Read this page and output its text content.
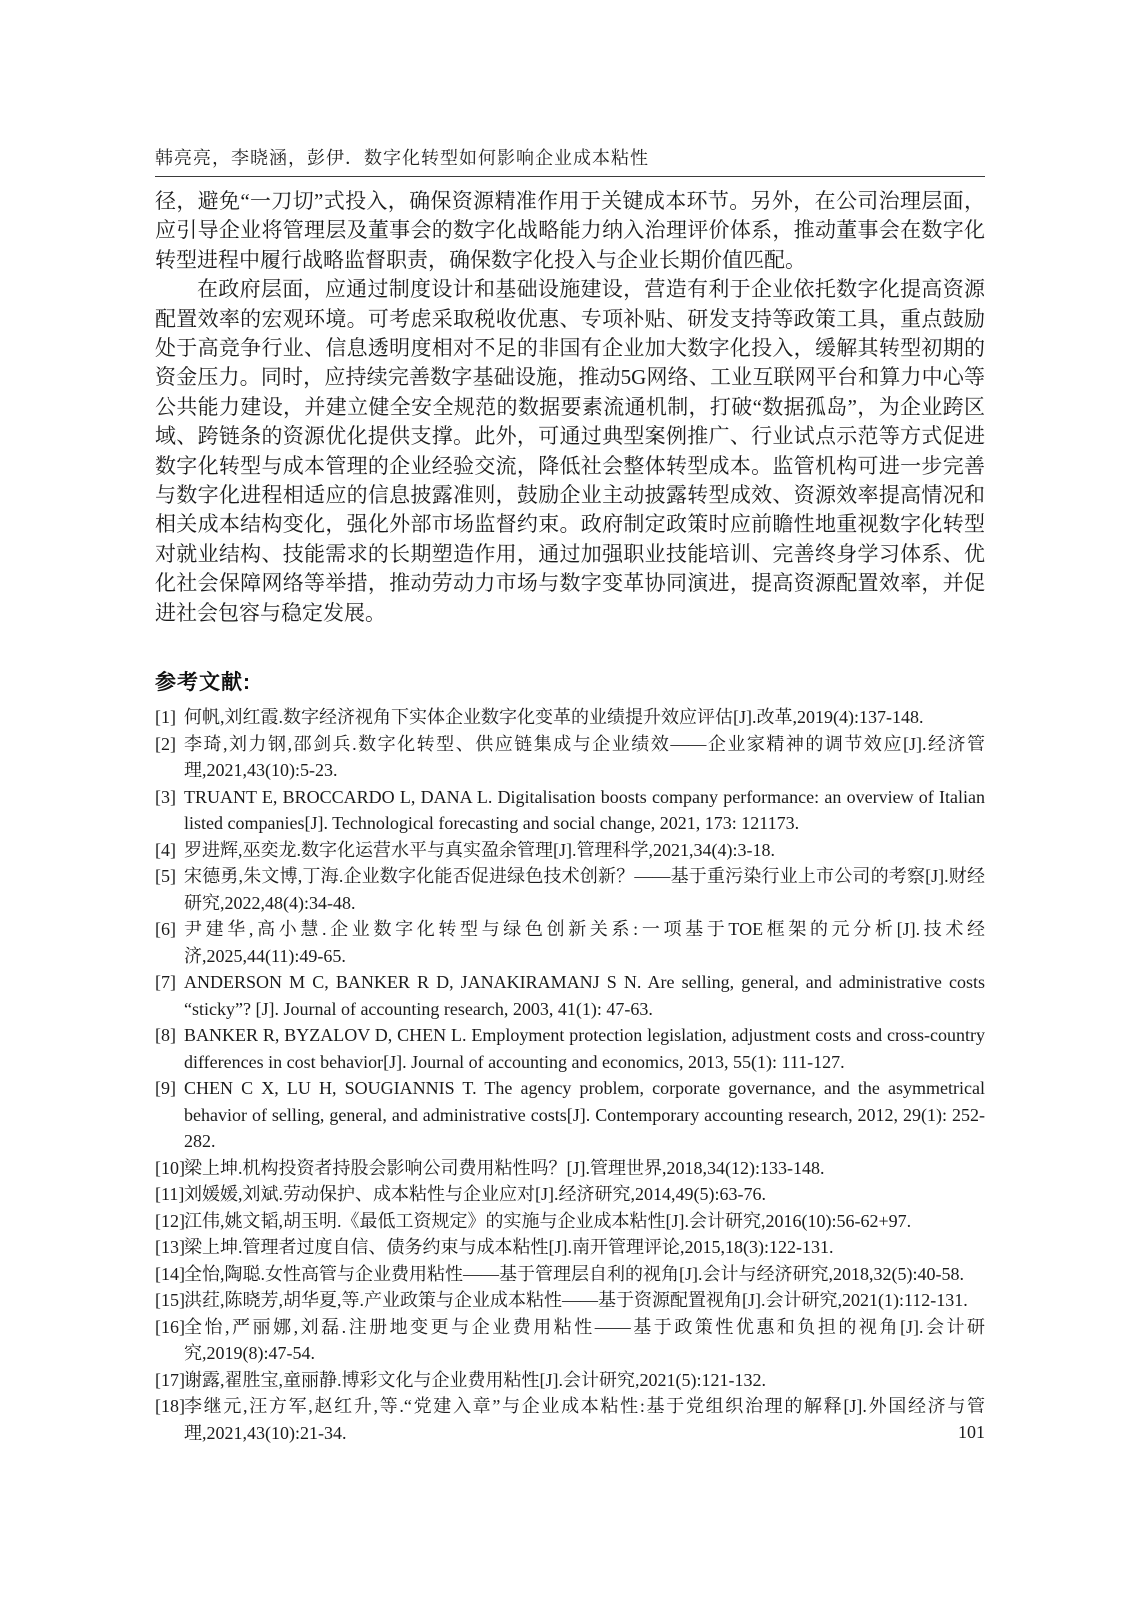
韩亮亮，李晓涵，彭伊．数字化转型如何影响企业成本粘性

径，避免“一刀切”式投入，确保资源精准作用于关键成本环节。另外，在公司治理层面，应引导企业将管理层及董事会的数字化战略能力纳入治理评价体系，推动董事会在数字化转型进程中履行战略监督职责，确保数字化投入与企业长期价值匹配。

在政府层面，应通过制度设计和基础设施建设，营造有利于企业依托数字化提高资源配置效率的宏观环境。可考虑采取税收优惠、专项补贴、研发支持等政策工具，重点鼓励处于高竞争行业、信息透明度相对不足的非国有企业加大数字化投入，缓解其转型初期的资金压力。同时，应持续完善数字基础设施，推动5G网络、工业互联网平台和算力中心等公共能力建设，并建立健全安全规范的数据要素流通机制，打破“数据孤岛”，为企业跨区域、跨链条的资源优化提供支撑。此外，可通过典型案例推广、行业试点示范等方式促进数字化转型与成本管理的企业经验交流，降低社会整体转型成本。监管机构可进一步完善与数字化进程相适应的信息披露准则，鼓励企业主动披露转型成效、资源效率提高情况和相关成本结构变化，强化外部市场监督约束。政府制定政策时应前瞻性地重视数字化转型对就业结构、技能需求的长期塑造作用，通过加强职业技能培训、完善终身学习体系、优化社会保障网络等举措，推动劳动力市场与数字变革协同演进，提高资源配置效率，并促进社会包容与稳定发展。

参考文献:
[1] 何帆,刘红霞.数字经济视角下实体企业数字化变革的业绩提升效应评估[J].改革,2019(4):137-148.
[2] 李琦,刘力钢,邵剑兵.数字化转型、供应链集成与企业绩效——企业家精神的调节效应[J].经济管理,2021,43(10):5-23.
[3] TRUANT E, BROCCARDO L, DANA L. Digitalisation boosts company performance: an overview of Italian listed companies[J]. Technological forecasting and social change, 2021, 173: 121173.
[4] 罗进辉,巫奕龙.数字化运营水平与真实盈余管理[J].管理科学,2021,34(4):3-18.
[5] 宋德勇,朱文博,丁海.企业数字化能否促进绿色技术创新？——基于重污染行业上市公司的考察[J].财经研究,2022,48(4):34-48.
[6] 尹建华,高小慧.企业数字化转型与绿色创新关系:一项基于TOE框架的元分析[J].技术经济,2025,44(11):49-65.
[7] ANDERSON M C, BANKER R D, JANAKIRAMANJ S N. Are selling, general, and administrative costs “sticky”? [J]. Journal of accounting research, 2003, 41(1): 47-63.
[8] BANKER R, BYZALOV D, CHEN L. Employment protection legislation, adjustment costs and cross-country differences in cost behavior[J]. Journal of accounting and economics, 2013, 55(1): 111-127.
[9] CHEN C X, LU H, SOUGIANNIS T. The agency problem, corporate governance, and the asymmetrical behavior of selling, general, and administrative costs[J]. Contemporary accounting research, 2012, 29(1): 252-282.
[10] 梁上坤.机构投资者持股会影响公司费用粘性吗？[J].管理世界,2018,34(12):133-148.
[11] 刘媛媛,刘斌.劳动保护、成本粘性与企业应对[J].经济研究,2014,49(5):63-76.
[12] 江伟,姚文韬,胡玉明.《最低工资规定》的实施与企业成本粘性[J].会计研究,2016(10):56-62+97.
[13] 梁上坤.管理者过度自信、债务约束与成本粘性[J].南开管理评论,2015,18(3):122-131.
[14] 全怡,陶聪.女性高管与企业费用粘性——基于管理层自利的视角[J].会计与经济研究,2018,32(5):40-58.
[15] 洪荭,陈晓芳,胡华夏,等.产业政策与企业成本粘性——基于资源配置视角[J].会计研究,2021(1):112-131.
[16] 全怡,严丽娜,刘磊.注册地变更与企业费用粘性——基于政策性优惠和负担的视角[J].会计研究,2019(8):47-54.
[17] 谢露,翟胜宝,童丽静.博彩文化与企业费用粘性[J].会计研究,2021(5):121-132.
[18] 李继元,汪方军,赵红升,等.“党建入章”与企业成本粘性:基于党组织治理的解释[J].外国经济与管理,2021,43(10):21-34.	101
